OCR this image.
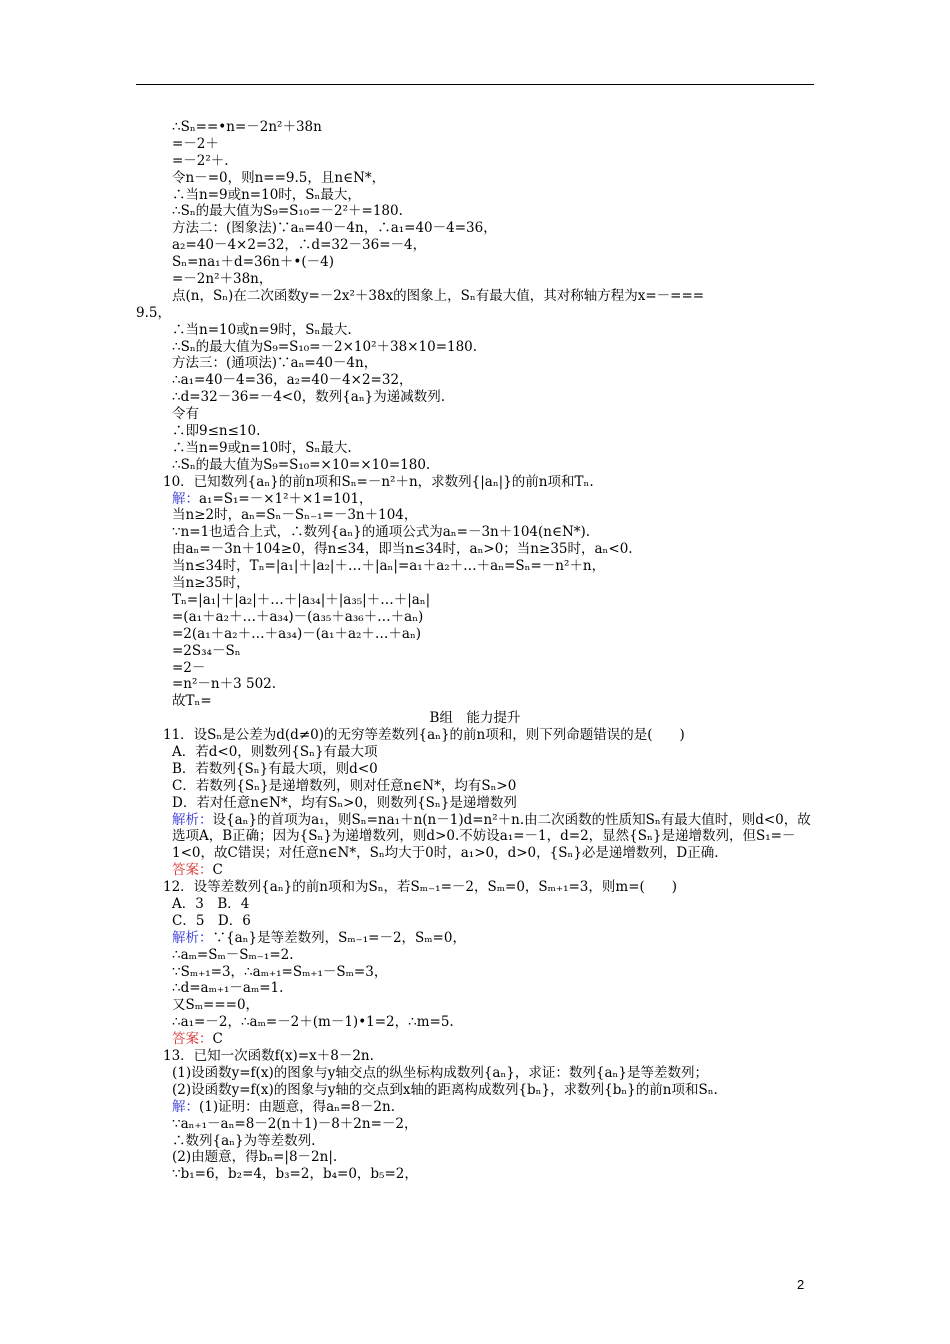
∴Sₙ==•n=－2n²＋38n
=－2＋
=－2²＋.
令n－=0，则n==9.5，且n∈N*，
∴当n=9或n=10时，Sₙ最大，
∴Sₙ的最大值为S₉=S₁₀=－2²＋=180.
方法二：(图象法)∵aₙ=40－4n，∴a₁=40－4=36，
a₂=40－4×2=32，∴d=32－36=－4，
Sₙ=na₁＋d=36n＋•(－4)
=－2n²＋38n，
点(n，Sₙ)在二次函数y=－2x²＋38x的图象上，Sₙ有最大值，其对称轴方程为x=－===
9.5，
∴当n=10或n=9时，Sₙ最大.
∴Sₙ的最大值为S₉=S₁₀=－2×10²＋38×10=180.
方法三：(通项法)∵aₙ=40－4n，
∴a₁=40－4=36，a₂=40－4×2=32，
∴d=32－36=－4<0，数列{aₙ}为递减数列.
令有
∴即9≤n≤10.
∴当n=9或n=10时，Sₙ最大.
∴Sₙ的最大值为S₉=S₁₀=×10=×10=180.
10．已知数列{aₙ}的前n项和Sₙ=－n²＋n，求数列{|aₙ|}的前n项和Tₙ.
解：a₁=S₁=－×1²＋×1=101，
当n≥2时，aₙ=Sₙ－Sₙ₋₁=－3n＋104，
∵n=1也适合上式，∴数列{aₙ}的通项公式为aₙ=－3n＋104(n∈N*).
由aₙ=－3n＋104≥0，得n≤34，即当n≤34时，aₙ>0；当n≥35时，aₙ<0.
当n≤34时，Tₙ=|a₁|＋|a₂|＋…＋|aₙ|=a₁＋a₂＋…＋aₙ=Sₙ=－n²＋n，
当n≥35时，
Tₙ=|a₁|＋|a₂|＋…＋|a₃₄|＋|a₃₅|＋…＋|aₙ|
=(a₁＋a₂＋…＋a₃₄)－(a₃₅＋a₃₆＋…＋aₙ)
=2(a₁＋a₂＋…＋a₃₄)－(a₁＋a₂＋…＋aₙ)
=2S₃₄－Sₙ
=2－
=n²－n＋3 502.
故Tₙ=
B组　能力提升
11．设Sₙ是公差为d(d≠0)的无穷等差数列{aₙ}的前n项和，则下列命题错误的是(　　)
A．若d<0，则数列{Sₙ}有最大项
B．若数列{Sₙ}有最大项，则d<0
C．若数列{Sₙ}是递增数列，则对任意n∈N*，均有Sₙ>0
D．若对任意n∈N*，均有Sₙ>0，则数列{Sₙ}是递增数列
解析：设{aₙ}的首项为a₁，则Sₙ=na₁＋n(n－1)d=n²＋n.由二次函数的性质知Sₙ有最大值时，则d<0，故选项A，B正确；因为{Sₙ}为递增数列，则d>0.不妨设a₁=－1，d=2，显然{Sₙ}是递增数列，但S₁=－1<0，故C错误；对任意n∈N*，Sₙ均大于0时，a₁>0，d>0，{Sₙ}必是递增数列，D正确.
答案：C
12．设等差数列{aₙ}的前n项和为Sₙ，若Sₘ₋₁=－2，Sₘ=0，Sₘ₊₁=3，则m=(　　)
A．3　B．4
C．5　D．6
解析：∵{aₙ}是等差数列，Sₘ₋₁=－2，Sₘ=0，
∴aₘ=Sₘ－Sₘ₋₁=2.
∵Sₘ₊₁=3，∴aₘ₊₁=Sₘ₊₁－Sₘ=3，
∴d=aₘ₊₁－aₘ=1.
又Sₘ===0，
∴a₁=－2，∴aₘ=－2＋(m－1)•1=2，∴m=5.
答案：C
13．已知一次函数f(x)=x＋8－2n.
(1)设函数y=f(x)的图象与y轴交点的纵坐标构成数列{aₙ}，求证：数列{aₙ}是等差数列；
(2)设函数y=f(x)的图象与y轴的交点到x轴的距离构成数列{bₙ}，求数列{bₙ}的前n项和Sₙ.
解：(1)证明：由题意，得aₙ=8－2n.
∵aₙ₊₁－aₙ=8－2(n＋1)－8＋2n=－2，
∴数列{aₙ}为等差数列.
(2)由题意，得bₙ=|8－2n|.
∵b₁=6，b₂=4，b₃=2，b₄=0，b₅=2，
2
